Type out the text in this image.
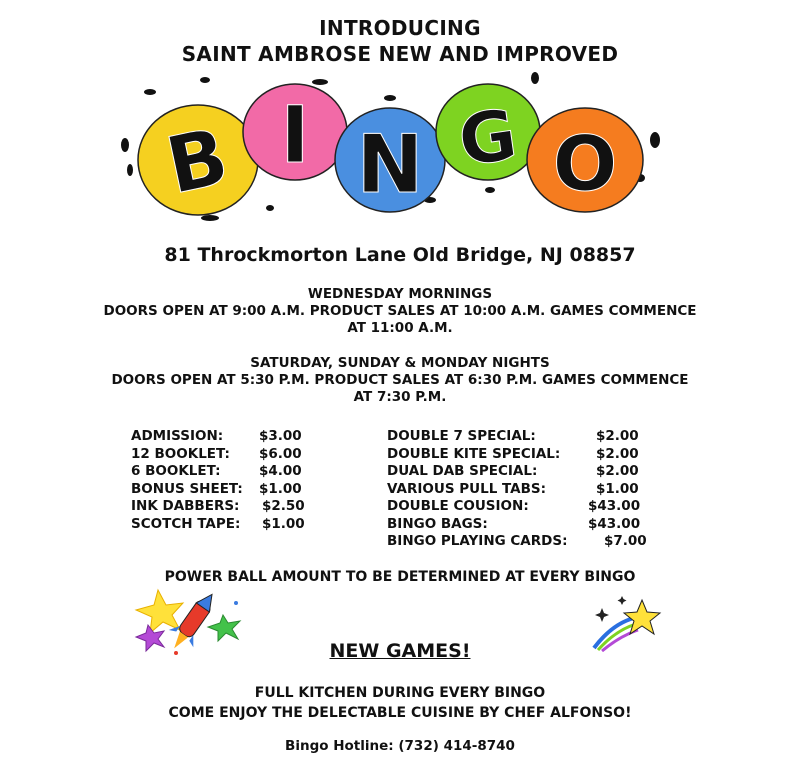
INTRODUCING
SAINT AMBROSE NEW AND IMPROVED
B I N G O
81 Throckmorton Lane Old Bridge, NJ 08857
WEDNESDAY MORNINGS
DOORS OPEN AT 9:00 A.M. PRODUCT SALES AT 10:00 A.M. GAMES COMMENCE
AT 11:00 A.M.
SATURDAY, SUNDAY & MONDAY NIGHTS
DOORS OPEN AT 5:30 P.M. PRODUCT SALES AT 6:30 P.M. GAMES COMMENCE
AT 7:30 P.M.
ADMISSION:	$3.00
12 BOOKLET: $6.00
6 BOOKLET:	$4.00
BONUS SHEET: $1.00
INK DABBERS: $2.50
SCOTCH TAPE: $1.00
DOUBLE 7 SPECIAL:	$2.00
DOUBLE KITE SPECIAL:	$2.00
DUAL DAB SPECIAL:	$2.00
VARIOUS PULL TABS:	$1.00
DOUBLE COUSION:	$43.00
BINGO BAGS:	$43.00
BINGO PLAYING CARDS:	$7.00
POWER BALL AMOUNT TO BE DETERMINED AT EVERY BINGO
NEW GAMES!
FULL KITCHEN DURING EVERY BINGO
COME ENJOY THE DELECTABLE CUISINE BY CHEF ALFONSO!
Bingo Hotline: (732) 414-8740
